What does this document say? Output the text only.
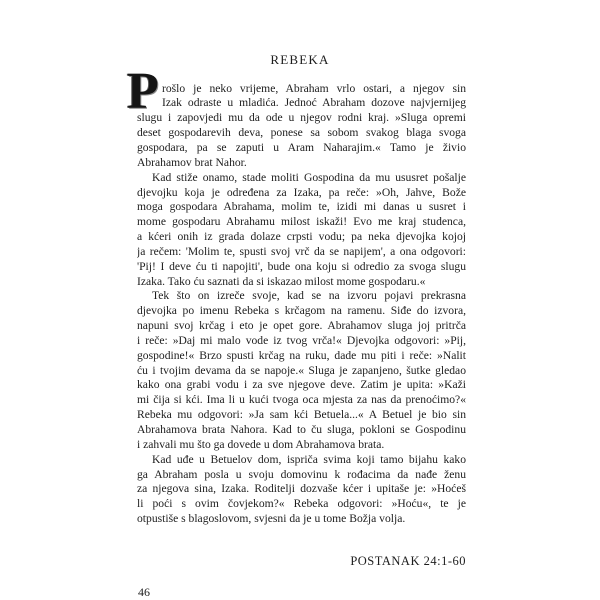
REBEKA
P rošlo je neko vrijeme, Abraham vrlo ostari, a njegov sin
Izak odraste u mladića. Jednoć Abraham dozove najvjernijeg
slugu i zapovjedi mu da ode u njegov rodni kraj. »Sluga opremi
deset gospodarevih deva, ponese sa sobom svakog blaga svoga
gospodara, pa se zaputi u Aram Naharajim.« Tamo je živio
Abrahamov brat Nahor.
Kad stiže onamo, stade moliti Gospodina da mu ususret pošalje
djevojku koja je određena za Izaka, pa reče: »Oh, Jahve, Bože
moga gospodara Abrahama, molim te, izidi mi danas u susret i
mome gospodaru Abrahamu milost iskaži! Evo me kraj studenca,
a kćeri onih iz grada dolaze crpsti vodu; pa neka djevojka kojoj
ja rečem: 'Molim te, spusti svoj vrč da se napijem', a ona odgovori:
'Pij! I deve ću ti napojiti', bude ona koju si odredio za svoga slugu
Izaka. Tako ću saznati da si iskazao milost mome gospodaru.«
Tek što on izreče svoje, kad se na izvoru pojavi prekrasna
djevojka po imenu Rebeka s krčagom na ramenu. Siđe do izvora,
napuni svoj krčag i eto je opet gore. Abrahamov sluga joj pritrča
i reče: »Daj mi malo vode iz tvog vrča!« Djevojka odgovori: »Pij,
gospodine!« Brzo spusti krčag na ruku, dade mu piti i reče: »Nalit
ću i tvojim devama da se napoje.« Sluga je zapanjeno, šutke gledao
kako ona grabi vodu i za sve njegove deve. Zatim je upita: »Kaži
mi čija si kći. Ima li u kući tvoga oca mjesta za nas da prenoćimo?«
Rebeka mu odgovori: »Ja sam kći Betuela...« A Betuel je bio sin
Abrahamova brata Nahora. Kad to ču sluga, pokloni se Gospodinu
i zahvali mu što ga dovede u dom Abrahamova brata.
Kad uđe u Betuelov dom, ispriča svima koji tamo bijahu kako
ga Abraham posla u svoju domovinu k rođacima da nađe ženu
za njegova sina, Izaka. Roditelji dozvaše kćer i upitaše je: »Hoćeš
li poći s ovim čovjekom?« Rebeka odgovori: »Hoću«, te je
otpustiše s blagoslovom, svjesni da je u tome Božja volja.
POSTANAK 24:1-60
46
